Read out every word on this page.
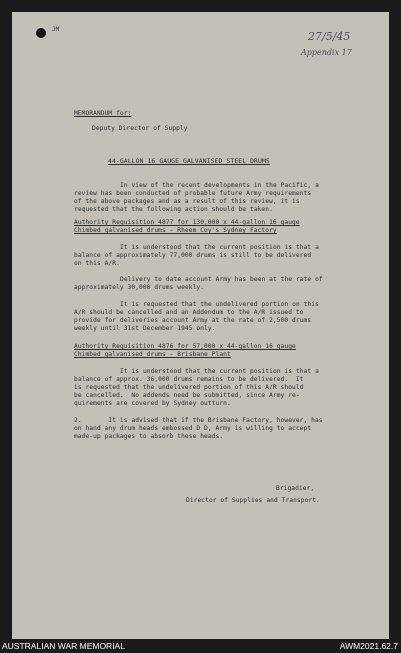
JM
27/5/45
Appendix 17
MEMORANDUM for:
Deputy Director of Supply
44-GALLON 16 GAUGE GALVANISED STEEL DRUMS
In view of the recent developments in the Pacific, a
review has been conducted of probable future Army requirements
of the above packages and as a result of this review, it is
requested that the following action should be taken.
Authority Requisition 4877 for 130,000 x 44-gallon 16 gauge
Chimbed galvanised drums - Rheem Coy's Sydney Factory
It is understood that the current position is that a
balance of approximately 77,000 drums is still to be delivered
on this A/R.
Delivery to date account Army has been at the rate of
approximately 30,000 drums weekly.
It is requested that the undelivered portion on this
A/R should be cancelled and an Addendum to the A/R issued to
provide for deliveries account Army at the rate of 2,500 drums
weekly until 31st December 1945 only.
Authority Requisition 4876 for 57,000 x 44-gallon 16 gauge
Chimbed galvanised drums - Brisbane Plant
It is understood that the current position is that a
balance of approx. 36,000 drums remains to be delivered.  It
is requested that the undelivered portion of this A/R should
be cancelled.  No addends need be submitted, since Army re-
quirements are covered by Sydney outturn.
2.       It is advised that if the Brisbane Factory, however, has
on hand any drum heads embossed D D, Army is willing to accept
made-up packages to absorb these heads.
Brigadier,
Director of Supplies and Transport.
AUSTRALIAN WAR MEMORIAL	AWM2021.62.7
